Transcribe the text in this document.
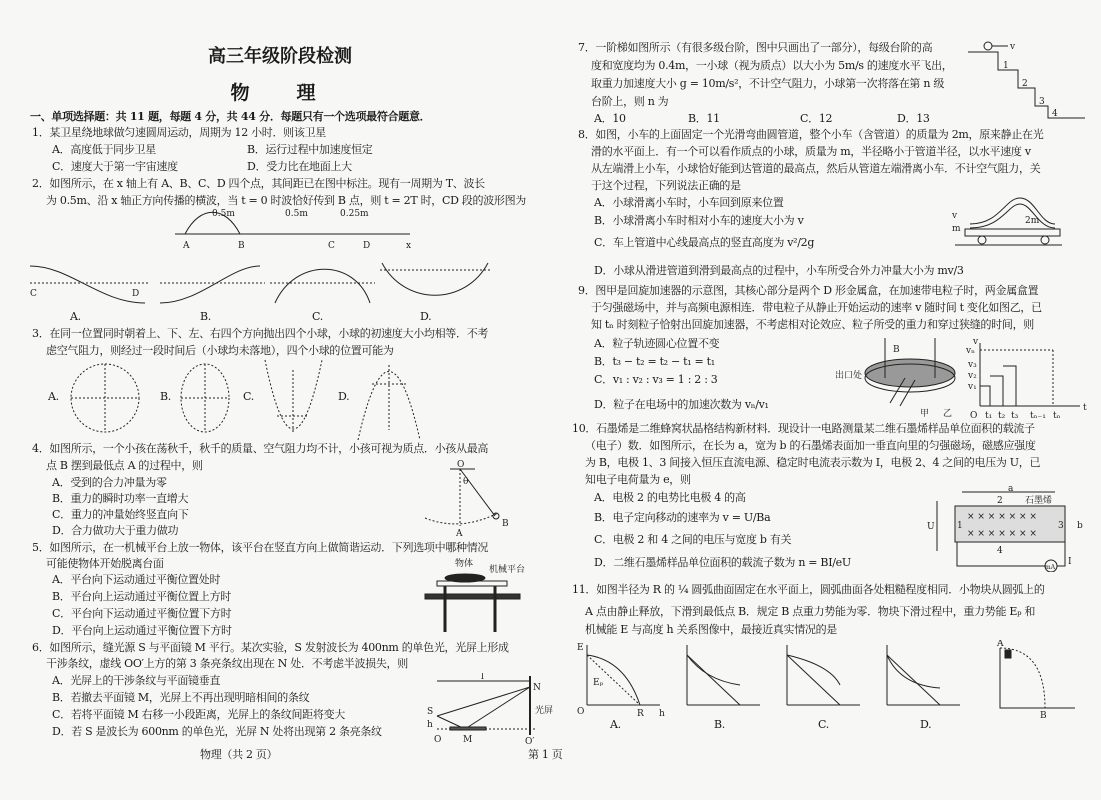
高三年级阶段检测
物　理
一、单项选择题：共 11 题，每题 4 分，共 44 分．每题只有一个选项最符合题意．
1．某卫星绕地球做匀速圆周运动，周期为 12 小时．则该卫星
A．高度低于同步卫星	B．运行过程中加速度恒定
C．速度大于第一宇宙速度	D．受力比在地面上大
2．如图所示，在 x 轴上有 A、B、C、D 四个点，其间距已在图中标注。现有一周期为 T、波长
为 0.5m、沿 x 轴正方向传播的横波，当 t = 0 时波恰好传到 B 点，则 t = 2T 时，CD 段的波形图为
0.5m	0.5m	0.25m
A	B	C	D	x
C	D
A.	B.	C.	D.
3．在同一位置同时朝着上、下、左、右四个方向抛出四个小球，小球的初速度大小均相等．不考
虑空气阻力，则经过一段时间后（小球均未落地），四个小球的位置可能为
A.	B.	C.	D.
4．如图所示，一个小孩在荡秋千，秋千的质量、空气阻力均不计，小孩可视为质点．小孩从最高
点 B 摆到最低点 A 的过程中，则
A．受到的合力冲量为零
B．重力的瞬时功率一直增大
C．重力的冲量始终竖直向下
D．合力做功大于重力做功
O
θ
A
B
5．如图所示，在一机械平台上放一物体，该平台在竖直方向上做简谐运动．下列选项中哪种情况
可能使物体开始脱离台面
A．平台向下运动通过平衡位置处时
B．平台向上运动通过平衡位置上方时
C．平台向下运动通过平衡位置下方时
D．平台向上运动通过平衡位置下方时
物体
机械平台
6．如图所示，缝光源 S 与平面镜 M 平行。某次实验，S 发射波长为 400nm 的单色光，光屏上形成
干涉条纹，虚线 OO′上方的第 3 条亮条纹出现在 N 处．不考虑半波损失，则
A．光屏上的干涉条纹与平面镜垂直
B．若撤去平面镜 M，光屏上不再出现明暗相间的条纹
C．若将平面镜 M 右移一小段距离，光屏上的条纹间距将变大
D．若 S 是波长为 600nm 的单色光，光屏 N 处将出现第 2 条亮条纹
l
N
S
h
O M	O′
光屏
物理（共 2 页）	第 1 页
7．一阶梯如图所示（有很多级台阶，图中只画出了一部分），每级台阶的高
度和宽度均为 0.4m，一小球（视为质点）以大小为 5m/s 的速度水平飞出，
取重力加速度大小 g = 10m/s²，不计空气阻力，小球第一次将落在第 n 级
台阶上，则 n 为
A．10	B．11	C．12	D．13
v
1
2
3
4
8．如图，小车的上面固定一个光滑弯曲圆管道，整个小车（含管道）的质量为 2m，原来静止在光
滑的水平面上．有一个可以看作质点的小球，质量为 m，半径略小于管道半径，以水平速度 v
从左端滑上小车，小球恰好能到达管道的最高点，然后从管道左端滑离小车．不计空气阻力，关
于这个过程，下列说法正确的是
A．小球滑离小车时，小车回到原来位置
B．小球滑离小车时相对小车的速度大小为 v
C．车上管道中心线最高点的竖直高度为 v²/2g
D．小球从滑进管道到滑到最高点的过程中，小车所受合外力冲量大小为 mv/3
v
m
2m
9．图甲是回旋加速器的示意图，其核心部分是两个 D 形金属盒，在加速带电粒子时，两金属盒置
于匀强磁场中，并与高频电源相连．带电粒子从静止开始运动的速率 v 随时间 t 变化如图乙，已
知 tₙ 时刻粒子恰射出回旋加速器，不考虑相对论效应、粒子所受的重力和穿过狭缝的时间，则
A．粒子轨迹圆心位置不变
B．t₃ − t₂ = t₂ − t₁ = t₁
C．v₁ : v₂ : v₃ = 1 : 2 : 3
D．粒子在电场中的加速次数为 vₙ/v₁
B
出口处
甲 乙
v
t
O
vₙ
v₃
v₂
v₁
t₁ t₂ t₃ tₙ₋₁ tₙ
10．石墨烯是二维蜂窝状晶格结构新材料．现设计一电路测量某二维石墨烯样品单位面积的载流子
（电子）数．如图所示，在长为 a，宽为 b 的石墨烯表面加一垂直向里的匀强磁场，磁感应强度
为 B，电极 1、3 间接入恒压直流电源、稳定时电流表示数为 I，电极 2、4 之间的电压为 U，已
知电子电荷量为 e，则
A．电极 2 的电势比电极 4 的高
B．电子定向移动的速率为 v = U/Ba
C．电极 2 和 4 之间的电压与宽度 b 有关
D．二维石墨烯样品单位面积的载流子数为 n = BI/eU
a
石墨烯
× × × × × × ×
× × × × × × ×
U	b
1
2
3
4
mA
I
11．如图半径为 R 的 ¼ 圆弧曲面固定在水平面上，圆弧曲面各处粗糙程度相同．小物块从圆弧上的
A 点由静止释放，下滑到最低点 B．规定 B 点重力势能为零．物块下滑过程中，重力势能 Eₚ 和
机械能 E 与高度 h 关系图像中，最接近真实情况的是
E
Eₚ
O	R h
A
B
A.	B.	C.	D.
